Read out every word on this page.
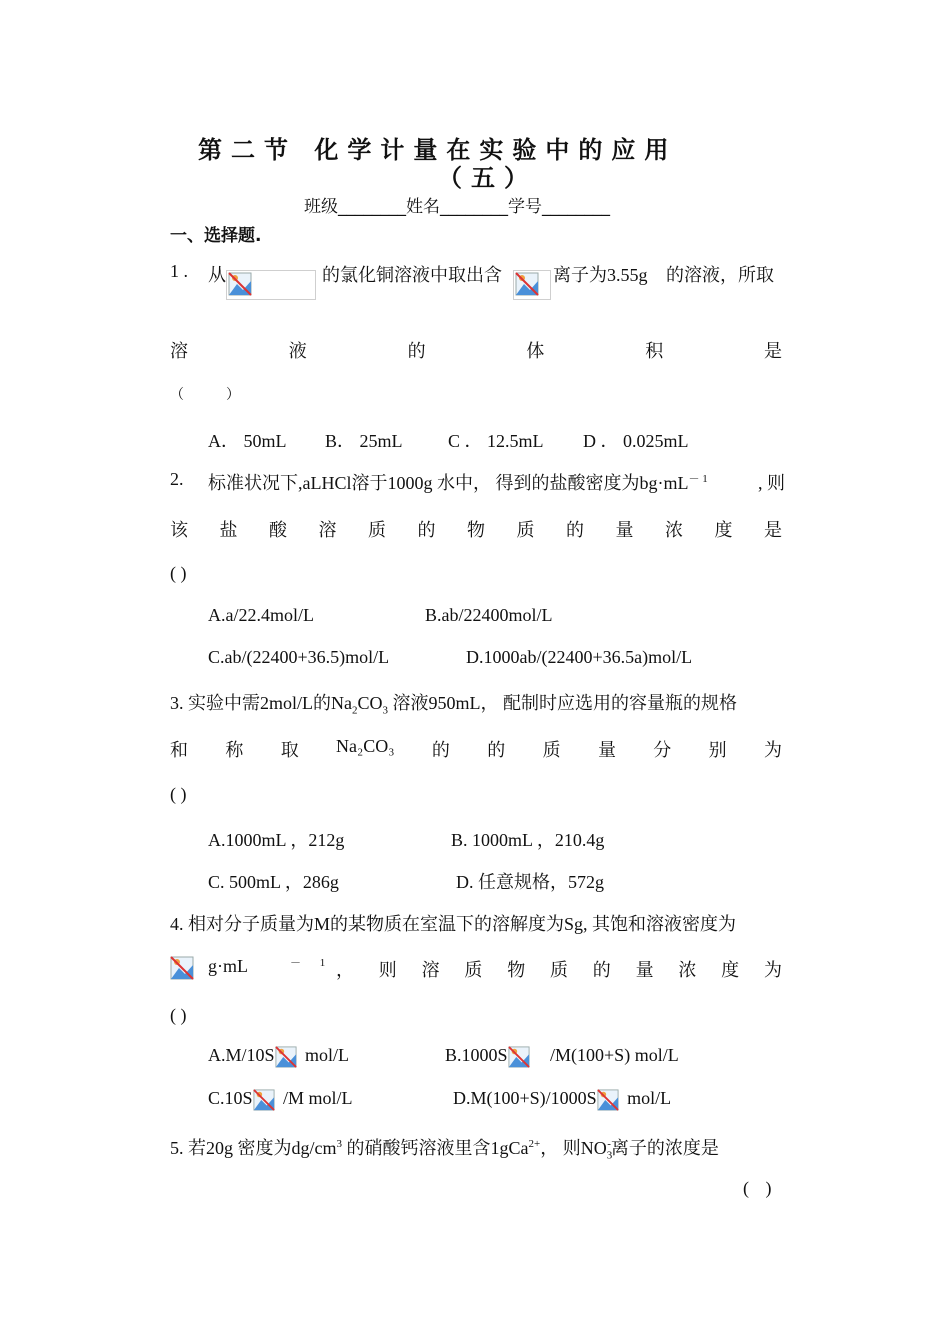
第二节 化学计量在实验中的应用
（五）
班级________姓名________学号________
一、选择题.
1 . 从	的氯化铜溶液中取出含	离子为3.55g 的溶液，所取
溶	液	的	体	积	是
（　　　）
A． 50mL B． 25mL	C ． 12.5mL D ． 0.025mL
2. 标准状况下,aLHCl溶于1000g 水中， 得到的盐酸密度为$bg\cdot mL^{- 1}$	, 则
该 盐 酸 溶 质 的 物 质 的 量 浓 度 是
( )
A.a/22.4mol/L	B.ab/22400mol/L
C.ab/(22400+36.5)mol/L	D.1000ab/(22400+36.5a)mol/L
3. 实验中需2mol/L的$Na_2CO_3$ 溶液950mL， 配制时应选用的容量瓶的规格
和 称 取 Na₂CO₃ 的 的 质 量 分 别 为
( )
A.1000mL ，212g	B. 1000mL ，210.4g
C. 500mL ，286g	D. 任意规格，572g
4. 相对分子质量为M的某物质在室温下的溶解度为Sg, 其饱和溶液密度为
g·mL	－ 1 ， 则 溶 质 物 质 的 量 浓 度 为
( )
A.M/10S mol/L	B.1000S /M(100+S) mol/L
C.10S /M mol/L	D.M(100+S)/1000S mol/L
5. 若20g 密度为$dg/cm^3$ 的硝酸钙溶液里含1gCa$^{2+}$， 则$NO_3^-$离子的浓度是
( )
